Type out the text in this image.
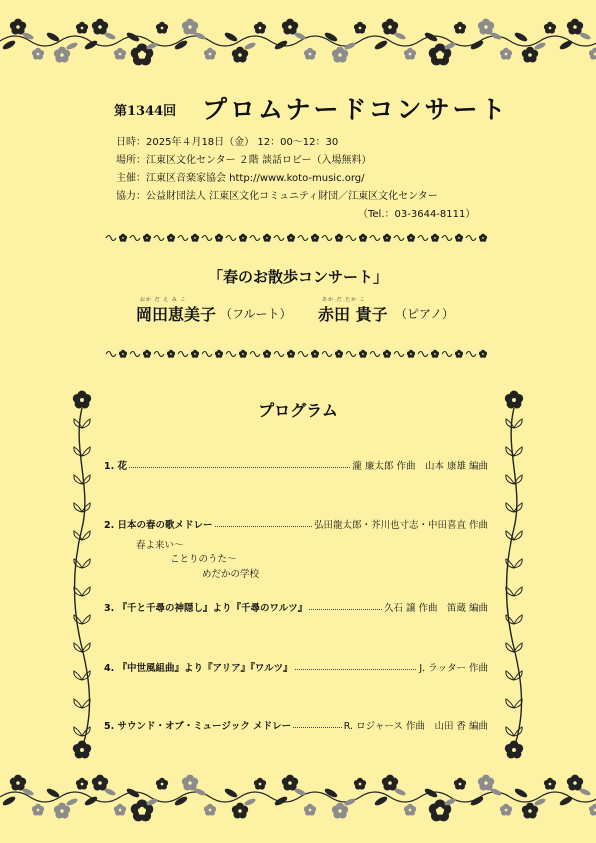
第1344回 プロムナードコンサート
日時：2025年４月18日（金） 12：00～12：30
場所：江東区文化センター ２階 談話ロビー（入場無料）
主催：江東区音楽家協会 http://www.koto-music.org/
協力：公益財団法人 江東区文化コミュニティ財団／江東区文化センター
（Tel.：03-3644-8111）
「春のお散歩コンサート」
おか だ え み こ
岡田恵美子 （フルート）
あか だ たか こ
赤田 貴子 （ピアノ）
プログラム
1. 花	瀧 廉太郎 作曲　山本 康雄 編曲
2. 日本の春の歌メドレー	弘田龍太郎・芥川也寸志・中田喜直 作曲
春よ来い～
ことりのうた～
めだかの学校
3. 『千と千尋の神隠し』より『千尋のワルツ』	久石 譲 作曲　笛蔵 編曲
4. 『中世風組曲』より『アリア』『ワルツ』	J. ラッター 作曲
5. サウンド・オブ・ミュージック メドレー	R. ロジャース 作曲　山田 香 編曲
